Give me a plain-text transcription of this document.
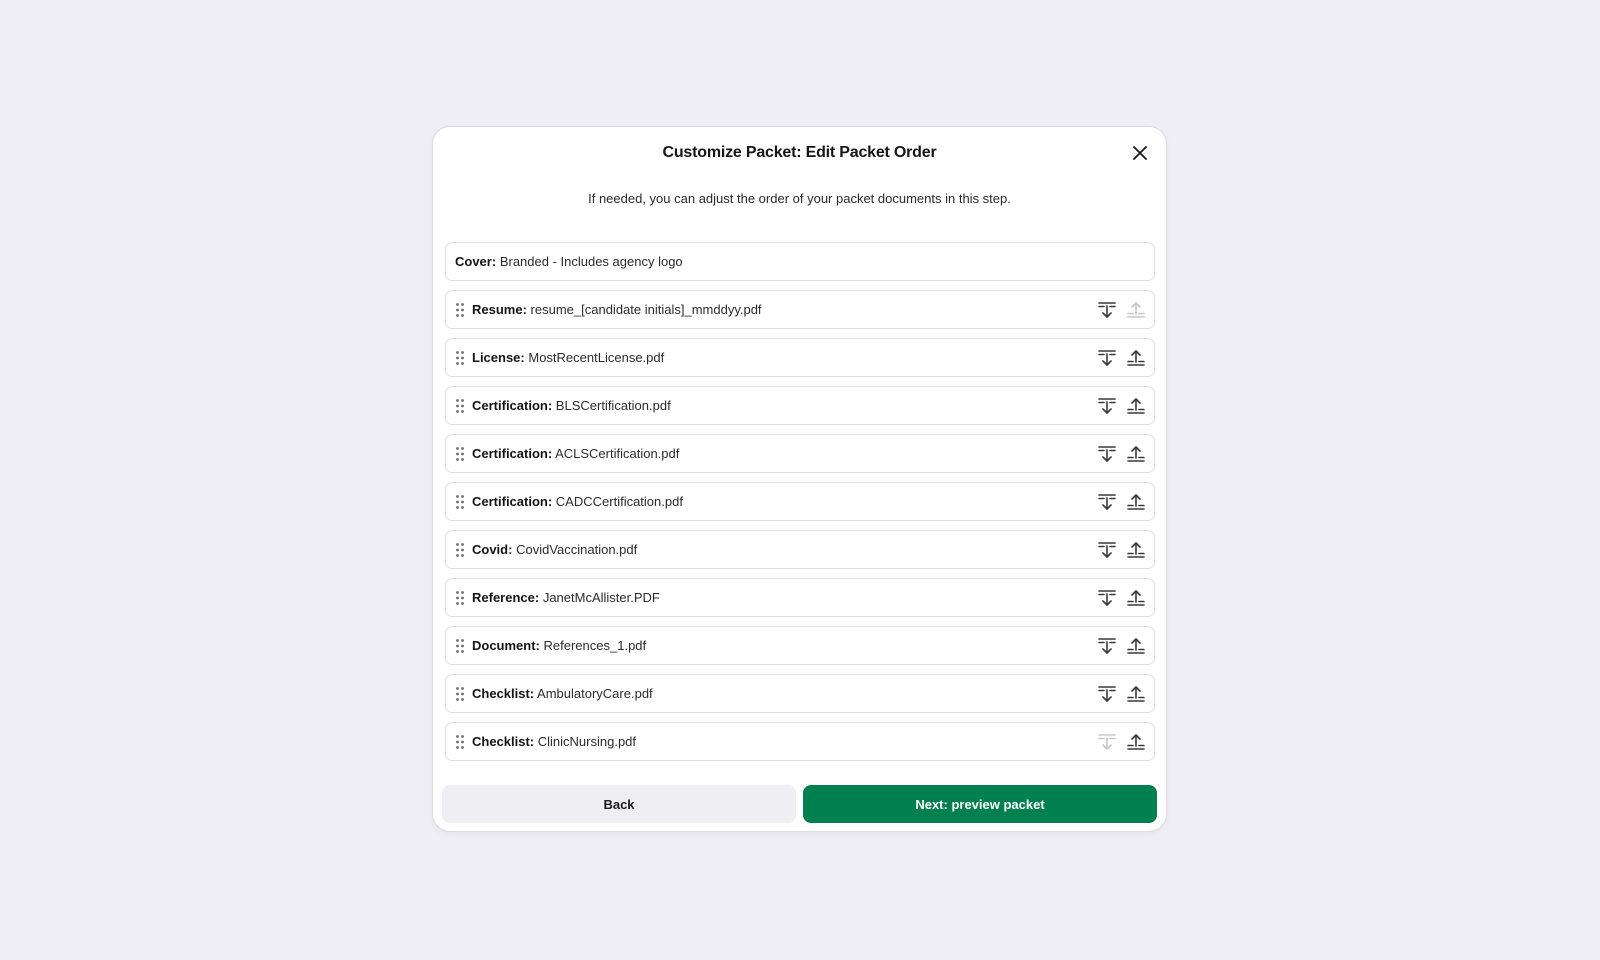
Customize Packet: Edit Packet Order
If needed, you can adjust the order of your packet documents in this step.
Cover: Branded - Includes agency logo
Resume: resume_[candidate initials]_mmddyy.pdf
License: MostRecentLicense.pdf
Certification: BLSCertification.pdf
Certification: ACLSCertification.pdf
Certification: CADCCertification.pdf
Covid: CovidVaccination.pdf
Reference: JanetMcAllister.PDF
Document: References_1.pdf
Checklist: AmbulatoryCare.pdf
Checklist: ClinicNursing.pdf
Back	Next: preview packet
